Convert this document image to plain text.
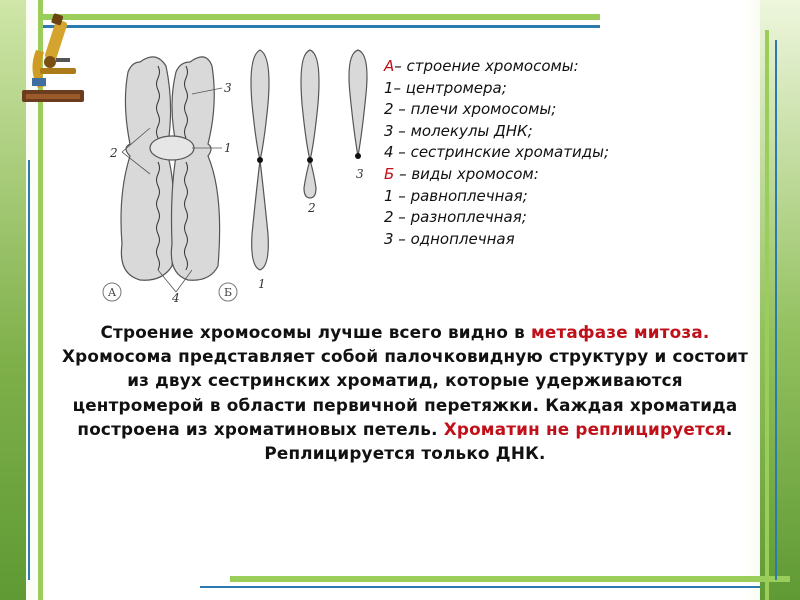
2
3
1
4
А	Б
1
2
3
А– строение хромосомы:
1– центромера;
2 – плечи хромосомы;
3 – молекулы ДНК;
4 – сестринские хроматиды;
Б – виды хромосом:
1 – равноплечная;
2 – разноплечная;
3 – одноплечная
Строение хромосомы лучше всего видно в метафазе митоза.
Хромосома представляет собой палочковидную структуру и состоит из двух сестринских хроматид, которые удерживаются центромерой в области первичной перетяжки. Каждая хроматида построена из хроматиновых петель. Хроматин не реплицируется.
Реплицируется только ДНК.
